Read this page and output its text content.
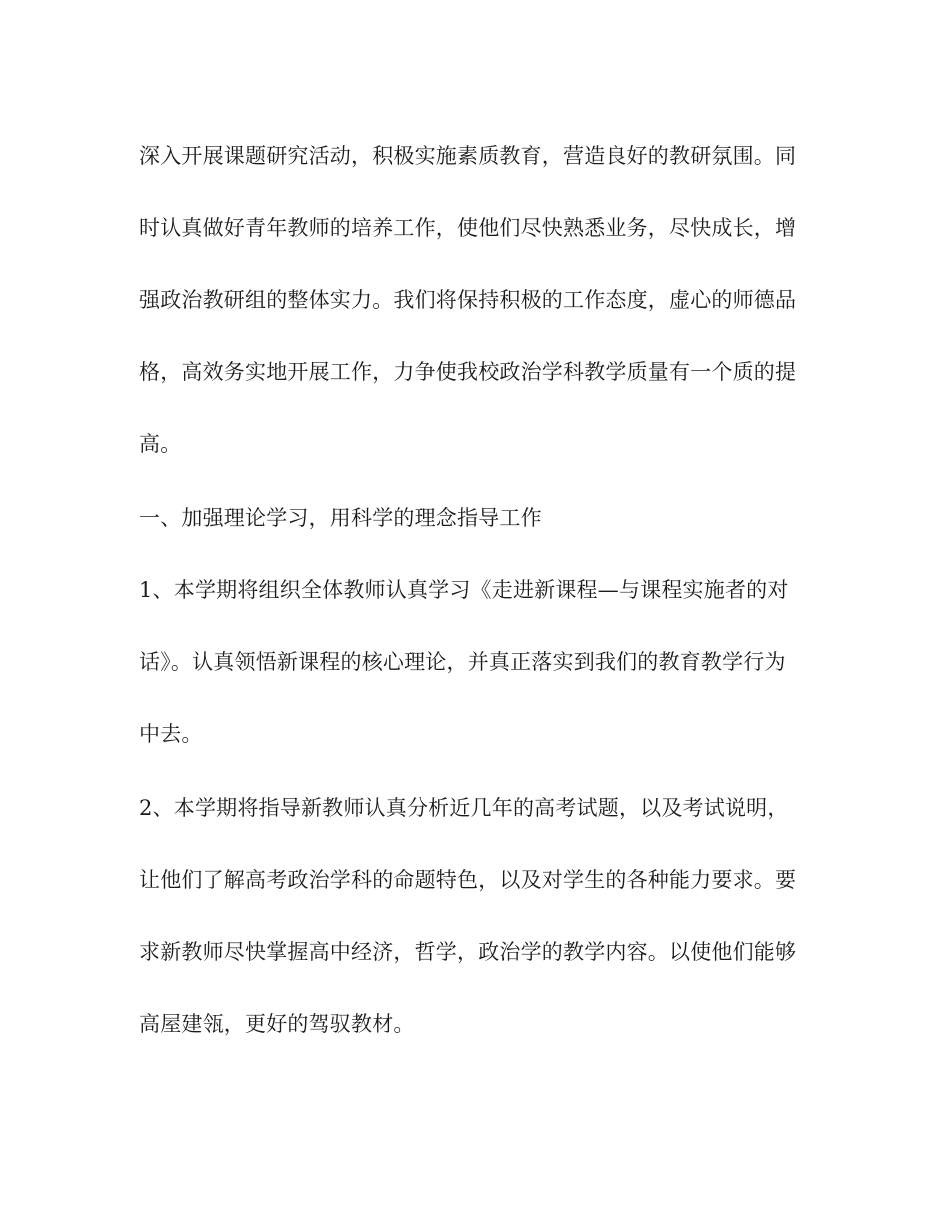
深入开展课题研究活动，积极实施素质教育，营造良好的教研氛围。同
时认真做好青年教师的培养工作，使他们尽快熟悉业务，尽快成长，增
强政治教研组的整体实力。我们将保持积极的工作态度，虚心的师德品
格，高效务实地开展工作，力争使我校政治学科教学质量有一个质的提
高。
一、加强理论学习，用科学的理念指导工作
1、本学期将组织全体教师认真学习《走进新课程—与课程实施者的对
话》。认真领悟新课程的核心理论，并真正落实到我们的教育教学行为
中去。
2、本学期将指导新教师认真分析近几年的高考试题，以及考试说明，
让他们了解高考政治学科的命题特色，以及对学生的各种能力要求。要
求新教师尽快掌握高中经济，哲学，政治学的教学内容。以使他们能够
高屋建瓴，更好的驾驭教材。
